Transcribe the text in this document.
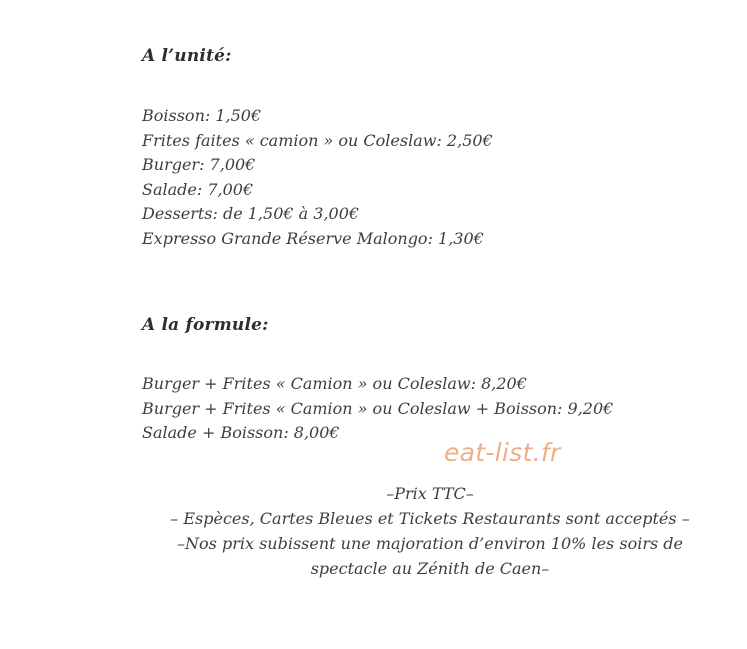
A l’unité:
Boisson: 1,50€
Frites faites « camion » ou Coleslaw: 2,50€
Burger: 7,00€
Salade: 7,00€
Desserts: de 1,50€ à 3,00€
Expresso Grande Réserve Malongo: 1,30€
A la formule:
Burger + Frites « Camion » ou Coleslaw: 8,20€
Burger + Frites « Camion » ou Coleslaw + Boisson: 9,20€
Salade + Boisson: 8,00€
eat-list.fr
–Prix TTC–
– Espèces, Cartes Bleues et Tickets Restaurants sont acceptés –
–Nos prix subissent une majoration d’environ 10% les soirs de
spectacle au Zénith de Caen–
